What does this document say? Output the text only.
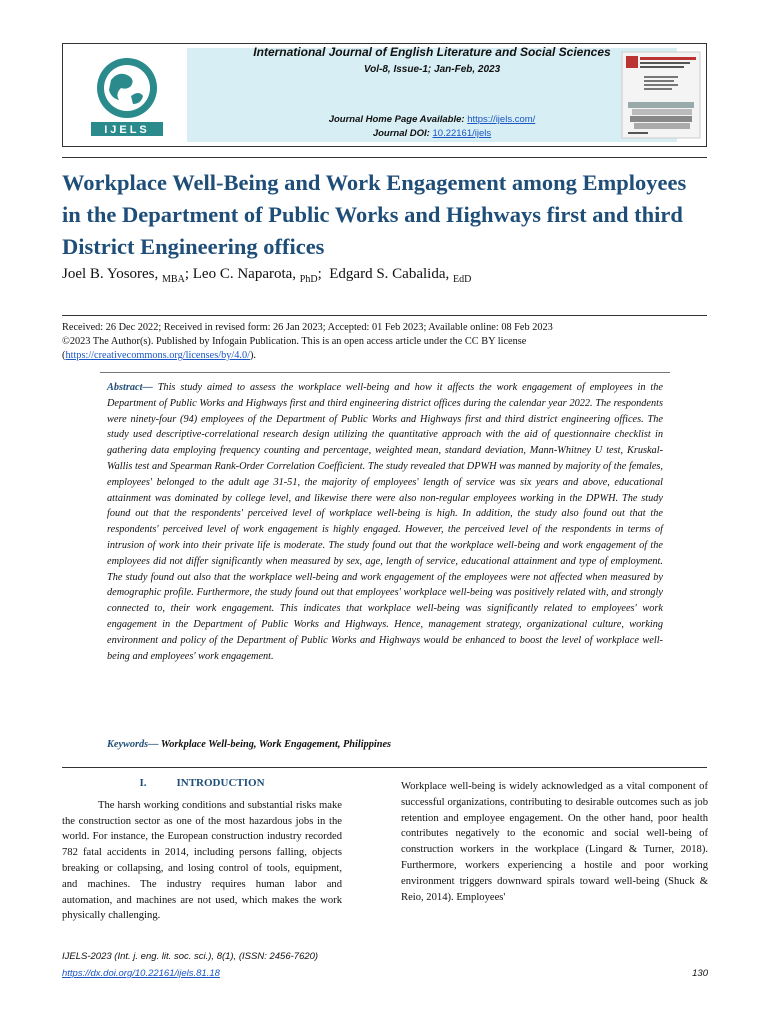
IJELS
International Journal of English Literature and Social Sciences
Vol-8, Issue-1; Jan-Feb, 2023
Journal Home Page Available: https://ijels.com/
Journal DOI: 10.22161/ijels
Workplace Well-Being and Work Engagement among Employees in the Department of Public Works and Highways first and third District Engineering offices
Joel B. Yosores, $_{MBA}$; Leo C. Naparota, $_{PhD}$;  Edgard S. Cabalida, $_{EdD}$
Received: 26 Dec 2022; Received in revised form: 26 Jan 2023; Accepted: 01 Feb 2023; Available online: 08 Feb 2023
©2023 The Author(s). Published by Infogain Publication. This is an open access article under the CC BY license
(https://creativecommons.org/licenses/by/4.0/).

Abstract— This study aimed to assess the workplace well-being and how it affects the work engagement of employees in the Department of Public Works and Highways first and third engineering district offices during the calendar year 2022. The respondents were ninety-four (94) employees of the Department of Public Works and Highways first and third district engineering offices. The study used descriptive-correlational research design utilizing the quantitative approach with the aid of questionnaire checklist in gathering data employing frequency counting and percentage, weighted mean, standard deviation, Mann-Whitney U test, Kruskal-Wallis test and Spearman Rank-Order Correlation Coefficient. The study revealed that DPWH was manned by majority of the females, employees' belonged to the adult age 31-51, the majority of employees' length of service was six years and above, educational attainment was dominated by college level, and likewise there were also non-regular employees working in the DPWH. The study found out that the respondents' perceived level of workplace well-being is high. In addition, the study also found out that the respondents' perceived level of work engagement is highly engaged. However, the perceived level of the respondents in terms of intrusion of work into their private life is moderate. The study found out that the workplace well-being and work engagement of the employees did not differ significantly when measured by sex, age, length of service, educational attainment and type of employment. The study found out also that the workplace well-being and work engagement of the employees were not affected when measured by demographic profile. Furthermore, the study found out that employees' workplace well-being was positively related with, and strongly connected to, their work engagement. This indicates that workplace well-being was significantly related to employees' work engagement in the Department of Public Works and Highways. Hence, management strategy, organizational culture, working environment and policy of the Department of Public Works and Highways would be enhanced to boost the level of workplace well-being and employees' work engagement.

Keywords— Workplace Well-being, Work Engagement, Philippines
I.	INTRODUCTION

The harsh working conditions and substantial risks make the construction sector as one of the most hazardous jobs in the world. For instance, the European construction industry recorded 782 fatal accidents in 2014, including persons falling, objects breaking or collapsing, and losing control of tools, equipment, and machines. The industry requires human labor and automation, and machines are not used, which makes the work physically challenging.

Workplace well-being is widely acknowledged as a vital component of successful organizations, contributing to desirable outcomes such as job retention and employee engagement. On the other hand, poor health contributes negatively to the economic and social well-being of construction workers in the workplace (Lingard & Turner, 2018). Furthermore, workers experiencing a hostile and poor working environment triggers downward spirals toward well-being (Shuck & Reio, 2014). Employees'

IJELS-2023 (Int. j. eng. lit. soc. sci.), 8(1), (ISSN: 2456-7620)
https://dx.doi.org/10.22161/ijels.81.18	130
